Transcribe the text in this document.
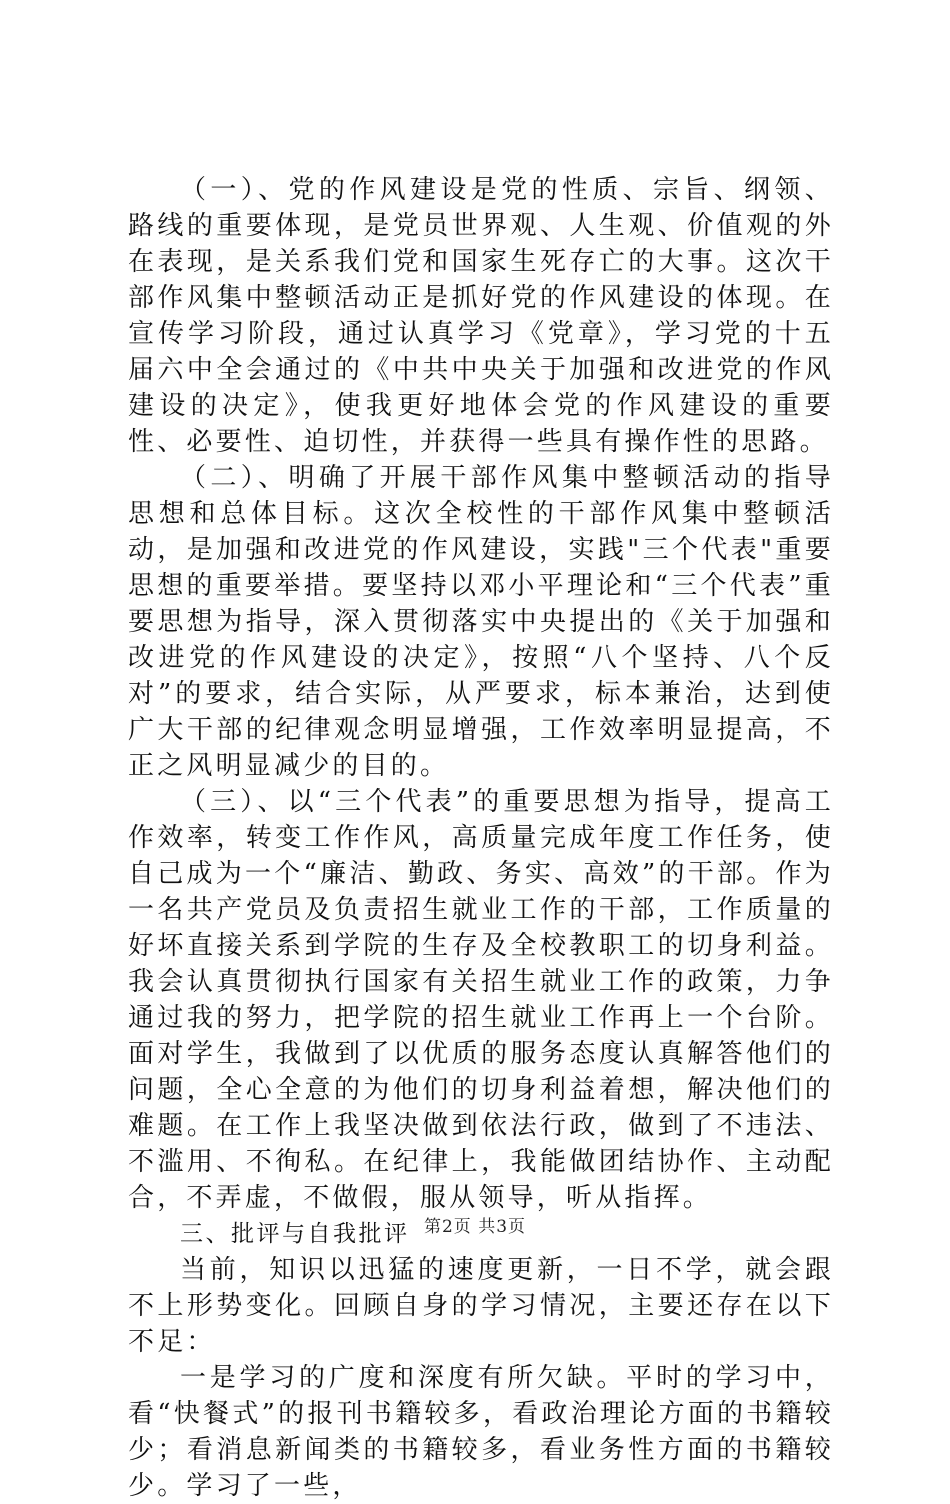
（一）、党的作风建设是党的性质、宗旨、纲领、路线的重要体现，是党员世界观、人生观、价值观的外在表现，是关系我们党和国家生死存亡的大事。这次干部作风集中整顿活动正是抓好党的作风建设的体现。在宣传学习阶段，通过认真学习《党章》，学习党的十五届六中全会通过的《中共中央关于加强和改进党的作风建设的决定》，使我更好地体会党的作风建设的重要性、必要性、迫切性，并获得一些具有操作性的思路。

（二）、明确了开展干部作风集中整顿活动的指导思想和总体目标。这次全校性的干部作风集中整顿活动，是加强和改进党的作风建设，实践"三个代表"重要思想的重要举措。要坚持以邓小平理论和“三个代表”重要思想为指导，深入贯彻落实中央提出的《关于加强和改进党的作风建设的决定》，按照“八个坚持、八个反对”的要求，结合实际，从严要求，标本兼治，达到使广大干部的纪律观念明显增强，工作效率明显提高，不正之风明显减少的目的。

（三）、以“三个代表”的重要思想为指导，提高工作效率，转变工作作风，高质量完成年度工作任务，使自己成为一个“廉洁、勤政、务实、高效”的干部。作为一名共产党员及负责招生就业工作的干部，工作质量的好坏直接关系到学院的生存及全校教职工的切身利益。我会认真贯彻执行国家有关招生就业工作的政策，力争通过我的努力，把学院的招生就业工作再上一个台阶。面对学生，我做到了以优质的服务态度认真解答他们的问题，全心全意的为他们的切身利益着想，解决他们的难题。在工作上我坚决做到依法行政，做到了不违法、不滥用、不徇私。在纪律上，我能做团结协作、主动配合，不弄虚，不做假，服从领导，听从指挥。

三、批评与自我批评

当前，知识以迅猛的速度更新，一日不学，就会跟不上形势变化。回顾自身的学习情况，主要还存在以下不足：

一是学习的广度和深度有所欠缺。平时的学习中，看“快餐式”的报刊书籍较多，看政治理论方面的书籍较少；看消息新闻类的书籍较多，看业务性方面的书籍较少。学习了一些，

第2页 共3页
